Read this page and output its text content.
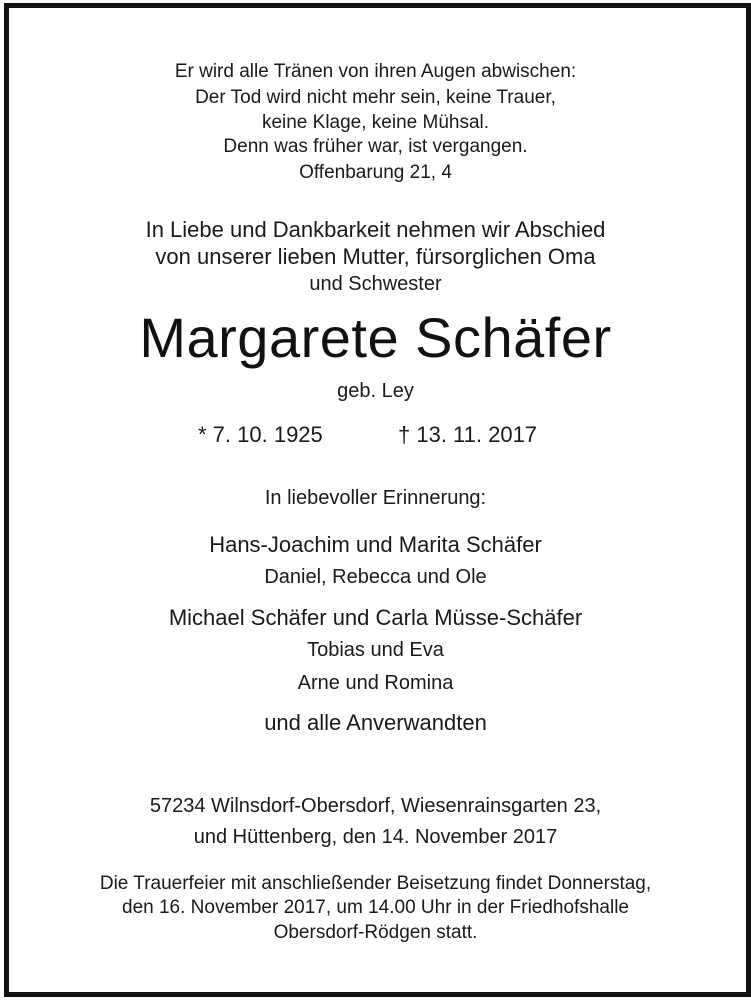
Er wird alle Tränen von ihren Augen abwischen:
Der Tod wird nicht mehr sein, keine Trauer,
keine Klage, keine Mühsal.
Denn was früher war, ist vergangen.
Offenbarung 21, 4
In Liebe und Dankbarkeit nehmen wir Abschied
von unserer lieben Mutter, fürsorglichen Oma
und Schwester
Margarete Schäfer
geb. Ley
* 7. 10. 1925	† 13. 11. 2017
In liebevoller Erinnerung:
Hans-Joachim und Marita Schäfer
Daniel, Rebecca und Ole
Michael Schäfer und Carla Müsse-Schäfer
Tobias und Eva
Arne und Romina
und alle Anverwandten
57234 Wilnsdorf-Obersdorf, Wiesenrainsgarten 23,
und Hüttenberg, den 14. November 2017
Die Trauerfeier mit anschließender Beisetzung findet Donnerstag,
den 16. November 2017, um 14.00 Uhr in der Friedhofshalle
Obersdorf-Rödgen statt.
